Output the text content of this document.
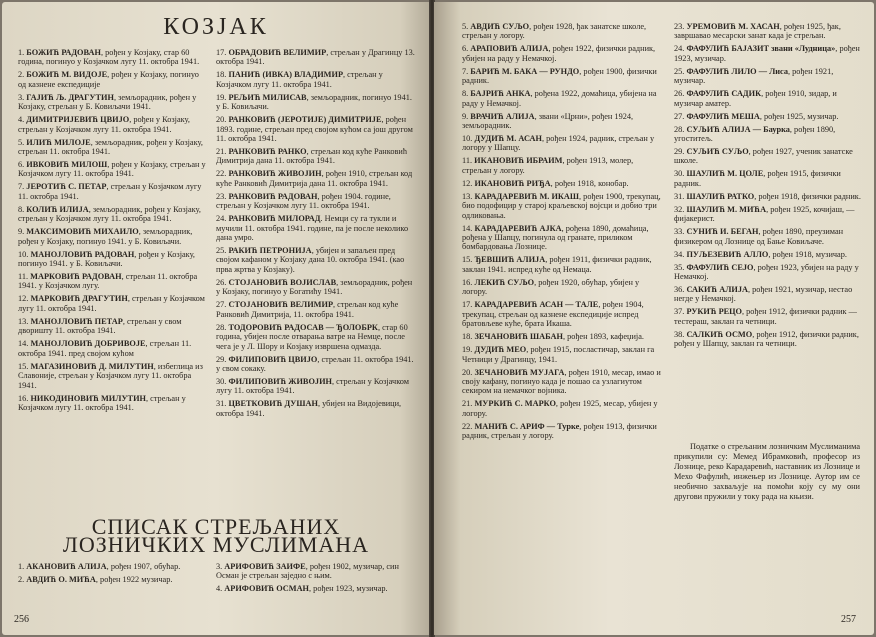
КОЗЈАК

1. БОЖИЋ РАДОВАН, рођен у Козјаку, стар 60 година, погинуо у Козјачком лугу 11. октобра 1941.

2. БОЖИЋ М. ВИДОЈЕ, рођен у Козјаку, погинуо од казнене експедиције

3. ГАЈИЋ Љ. ДРАГУТИН, земљорадник, рођен у Козјаку, стрељан у Б. Ковиљачи 1941.

4. ДИМИТРИЈЕВИЋ ЦВИЈО, рођен у Козјаку, стрељан у Козјачком лугу 11. октобра 1941.

5. ИЛИЋ МИЛОЈЕ, земљорадник, рођен у Козјаку, стрељан 11. октобра 1941.

6. ИВКОВИЋ МИЛОШ, рођен у Козјаку, стрељан у Козјачком лугу 11. октобра 1941.

7. ЈЕРОТИЋ С. ПЕТАР, стрељан у Козјачком лугу 11. октобра 1941.

8. КОЛИЋ ИЛИЈА, земљорадник, рођен у Козјаку, стрељан у Козјачком лугу 11. октобра 1941.

9. МАКСИМОВИЋ МИХАИЛО, земљорадник, рођен у Козјаку, погинуо 1941. у Б. Ковиљачи.

10. МАНОЈЛОВИЋ РАДОВАН, рођен у Козјаку, погинуо 1941. у Б. Ковиљачи.

11. МАРКОВИЋ РАДОВАН, стрељан 11. октобра 1941. у Козјачком лугу.

12. МАРКОВИЋ ДРАГУТИН, стрељан у Козјачком лугу 11. октобра 1941.

13. МАНОЈЛОВИЋ ПЕТАР, стрељан у свом дворишту 11. октобра 1941.

14. МАНОЈЛОВИЋ ДОБРИВОЈЕ, стрељан 11. октобра 1941. пред својом кућом

15. МАГАЗИНОВИЋ Д. МИЛУТИН, избеглица из Славоније, стрељан у Козјачком лугу 11. октобра 1941.

16. НИКОДИНОВИЋ МИЛУТИН, стрељан у Козјачком лугу 11. октобра 1941.

17. ОБРАДОВИЋ ВЕЛИМИР, стрељан у Драгинцу 13. октобра 1941.

18. ПАНИЋ (ИВКА) ВЛАДИМИР, стрељан у Козјачком лугу 11. октобра 1941.

19. РЕЉИЋ МИЛИСАВ, земљорадник, погинуо 1941. у Б. Ковиљачи.

20. РАНКОВИЋ (ЈЕРОТИЈЕ) ДИМИТРИЈЕ, рођен 1893. године, стрељан пред својом кућом са још другом 11. октобра 1941.

21. РАНКОВИЋ РАНКО, стрељан код куће Ранковић Димитрија дана 11. октобра 1941.

22. РАНКОВИЋ ЖИВОЈИН, рођен 1910, стрељан код куће Ранковић Димитрија дана 11. октобра 1941.

23. РАНКОВИЋ РАДОВАН, рођен 1904. године, стрељан у Козјачком лугу 11. октобра 1941.

24. РАНКОВИЋ МИЛОРАД. Немци су га тукли и мучили 11. октобра 1941. године, па је после неколико дана умро.

25. РАКИЋ ПЕТРОНИЈА, убијен и запаљен пред својом кафаном у Козјаку дана 10. октобра 1941. (као прва жртва у Козјаку).

26. СТОЈАНОВИЋ ВОЈИСЛАВ, земљорадник, рођен у Козјаку, погинуо у Богатићу 1941.

27. СТОЈАНОВИЋ ВЕЛИМИР, стрељан код куће Ранковић Димитрија, 11. октобра 1941.

28. ТОДОРОВИЋ РАДОСАВ — ЂОЛОБРК, стар 60 година, убијен после отварања ватре на Немце, после чега је у Л. Шору и Козјаку извршена одмазда.

29. ФИЛИПОВИЋ ЦВИЈО, стрељан 11. октобра 1941. у свом сокаку.

30. ФИЛИПОВИЋ ЖИВОЈИН, стрељан у Козјачком лугу 11. октобра 1941.

31. ЦВЕТКОВИЋ ДУШАН, убијен на Видојевици, октобра 1941.

СПИСАК СТРЕЉАНИХ
ЛОЗНИЧКИХ МУСЛИМАНА

1. АКАНОВИЋ АЛИЈА, рођен 1907, обућар.

2. АВДИЋ О. МИЋА, рођен 1922 музичар.

3. АРИФОВИЋ ЗАИФЕ, рођен 1902, музичар, син Осман је стрељан заједно с њим.

4. АРИФОВИЋ ОСМАН, рођен 1923, музичар.

256

5. АВДИЋ СУЉО, рођен 1928, ђак занатске школе, стрељан у логору.

6. АРАПОВИЋ АЛИЈА, рођен 1922, физички радник, убијен на раду у Немачкој.

7. БАРИЋ М. БАКА — РУНДО, рођен 1900, физички радник.

8. БАЈРИЋ АНКА, рођена 1922, домаћица, убијена на раду у Немачкој.

9. ВРАЧИЋ АЛИЈА, звани «Црни», рођен 1924, земљорадник.

10. ДУДИЋ М. АСАН, рођен 1924, радник, стрељан у логору у Шапцу.

11. ИКАНОВИЋ ИБРАИМ, рођен 1913, молер, стрељан у логору.

12. ИКАНОВИЋ РИЂА, рођен 1918, конобар.

13. КАРАДАРЕВИЋ М. ИКАШ, рођен 1900, трекупац, био подофицир у старој краљевској војсци и добио три одликовања.

14. КАРАДАРЕВИЋ АЈКА, рођена 1890, домаћица, рођена у Шапцу, погинула од гранате, приликом бомбардовања Лознице.

15. ЂЕВШИЋ АЛИЈА, рођен 1911, физички радник, заклан 1941. испред куће од Немаца.

16. ЛЕКИЋ СУЉО, рођен 1920, обућар, убијен у логору.

17. КАРАДАРЕВИЋ АСАН — ТАЛЕ, рођен 1904, трекупац, стрељан од казнене експедиције испред братовљеве куће, брата Икаша.

18. ЗЕЧАНОВИЋ ШАБАН, рођен 1893, кафеџија.

19. ДУДИЋ МЕО, рођен 1915, посластичар, заклан га Четници у Драгинцу, 1941.

20. ЗЕЧАНОВИЋ МУЈАГА, рођен 1910, месар, имао и своју кафану, погинуо када је пошао са узлагиутом секиром на немачког војника.

21. МУРКИЋ С. МАРКО, рођен 1925, месар, убијен у логору.

22. МАНИЋ С. АРИФ — Турке, рођен 1913, физички радник, стрељан у логору.

23. УРЕМОВИЋ М. ХАСАН, рођен 1925, ђак, завршавао месарски занат када је стрељан.

24. ФАФУЛИЋ БАЈАЗИТ звани «Лудница», рођен 1923, музичар.

25. ФАФУЛИЋ ЛИЛО — Лиса, рођен 1921, музичар.

26. ФАФУЛИЋ САДИК, рођен 1910, зидар, и музичар аматер.

27. ФАФУЛИЋ МЕША, рођен 1925, музичар.

28. СУЉИЋ АЛИЈА — Баурка, рођен 1890, угоститељ.

29. СУЉИЋ СУЉО, рођен 1927, ученик занатске школе.

30. ШАУЛИЋ М. ЦОЛЕ, рођен 1915, физички радник.

31. ШАУЛИЋ РАТКО, рођен 1918, физички радник.

32. ШАУЛИЋ М. МИЋА, рођен 1925, кочијаш, — фијакерист.

33. СУНИЋ И. БЕГАН, рођен 1890, преузиман физикером од Лознице од Бање Ковиљаче.

34. ПУЉЕЗЕВИЋ АЛЛО, рођен 1918, музичар.

35. ФАФУЛИЋ СЕЈО, рођен 1923, убијен на раду у Немачкој.

36. САКИЋ АЛИЈА, рођен 1921, музичар, нестао негде у Немачкој.

37. РУКИЋ РЕЦО, рођен 1912, физички радник — тестераш, заклан га четници.

38. САЛКИЋ ОСМО, рођен 1912, физички радник, рођен у Шапцу, заклан га четници.

Податке о стрељаним лозничким Муслиманима прикупили су: Мемед Ибрамковић, професор из Лознице, реко Карадаревић, наставник из Лознице и Мехо Фафулић, инжењер из Лознице. Аутор им се необично захваљује на помоћи коју су му они другови пружили у току рада на књизи.

257
